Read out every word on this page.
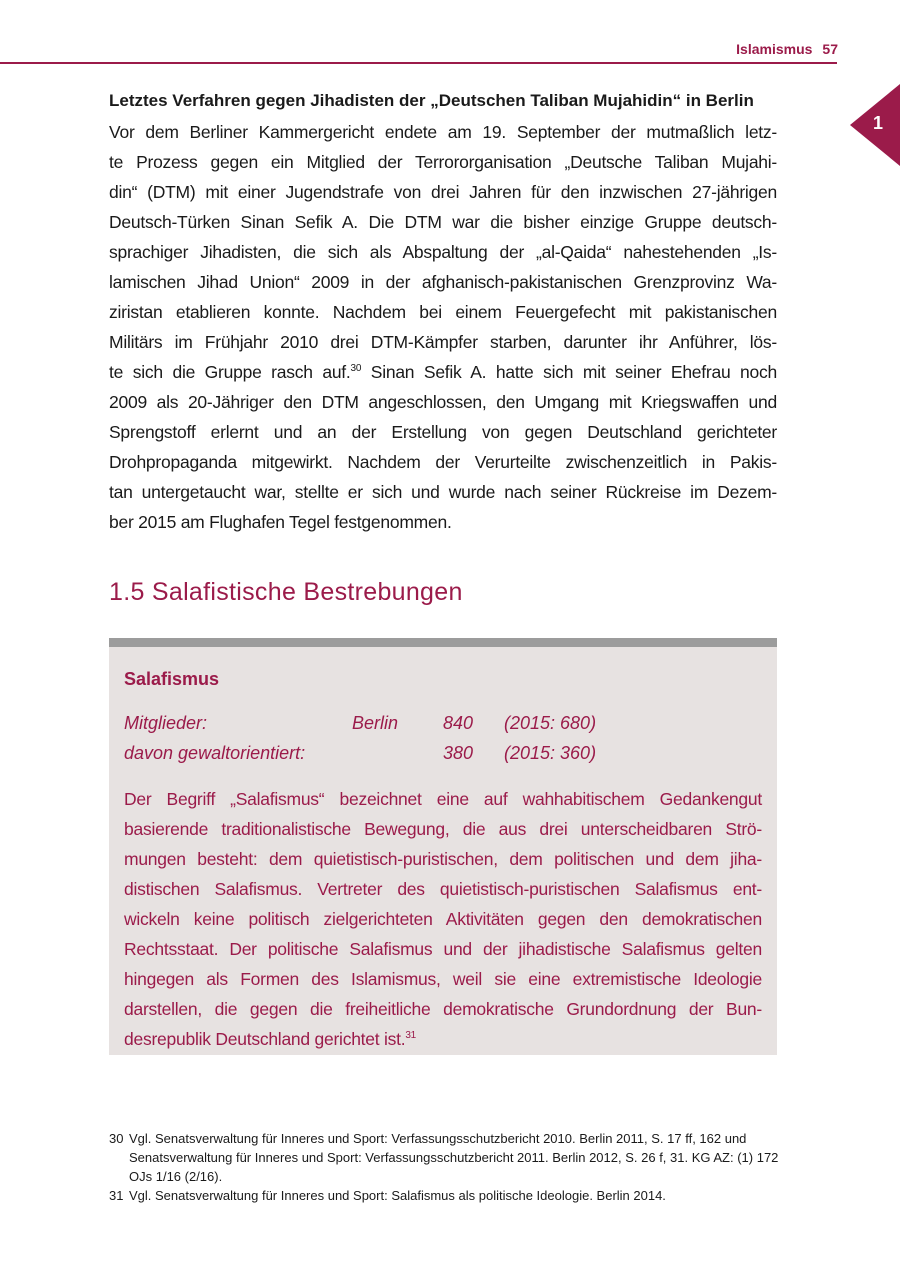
Islamismus 57
1
Letztes Verfahren gegen Jihadisten der „Deutschen Taliban Mujahidin“ in Berlin
Vor dem Berliner Kammergericht endete am 19. September der mutmaßlich letz-
te Prozess gegen ein Mitglied der Terrororganisation „Deutsche Taliban Mujahi-
din“ (DTM) mit einer Jugendstrafe von drei Jahren für den inzwischen 27-jährigen
Deutsch-Türken Sinan Sefik A. Die DTM war die bisher einzige Gruppe deutsch-
sprachiger Jihadisten, die sich als Abspaltung der „al-Qaida“ nahestehenden „Is-
lamischen Jihad Union“ 2009 in der afghanisch-pakistanischen Grenzprovinz Wa-
ziristan etablieren konnte. Nachdem bei einem Feuergefecht mit pakistanischen
Militärs im Frühjahr 2010 drei DTM-Kämpfer starben, darunter ihr Anführer, lös-
te sich die Gruppe rasch auf.$^{30}$ Sinan Sefik A. hatte sich mit seiner Ehefrau noch
2009 als 20-Jähriger den DTM angeschlossen, den Umgang mit Kriegswaffen und
Sprengstoff erlernt und an der Erstellung von gegen Deutschland gerichteter
Drohpropaganda mitgewirkt. Nachdem der Verurteilte zwischenzeitlich in Pakis-
tan untergetaucht war, stellte er sich und wurde nach seiner Rückreise im Dezem-
ber 2015 am Flughafen Tegel festgenommen.
1.5 Salafistische Bestrebungen
Salafismus
Mitglieder:	Berlin 840 (2015: 680)
davon gewaltorientiert:	380 (2015: 360)
Der Begriff „Salafismus“ bezeichnet eine auf wahhabitischem Gedankengut
basierende traditionalistische Bewegung, die aus drei unterscheidbaren Strö-
mungen besteht: dem quietistisch-puristischen, dem politischen und dem jiha-
distischen Salafismus. Vertreter des quietistisch-puristischen Salafismus ent-
wickeln keine politisch zielgerichteten Aktivitäten gegen den demokratischen
Rechtsstaat. Der politische Salafismus und der jihadistische Salafismus gelten
hingegen als Formen des Islamismus, weil sie eine extremistische Ideologie
darstellen, die gegen die freiheitliche demokratische Grundordnung der Bun-
desrepublik Deutschland gerichtet ist.$^{31}$
30 Vgl. Senatsverwaltung für Inneres und Sport: Verfassungsschutzbericht 2010. Berlin 2011, S. 17 ff, 162 und Senatsverwaltung für Inneres und Sport: Verfassungsschutzbericht 2011. Berlin 2012, S. 26 f, 31. KG AZ: (1) 172 OJs 1/16 (2/16).
31 Vgl. Senatsverwaltung für Inneres und Sport: Salafismus als politische Ideologie. Berlin 2014.
